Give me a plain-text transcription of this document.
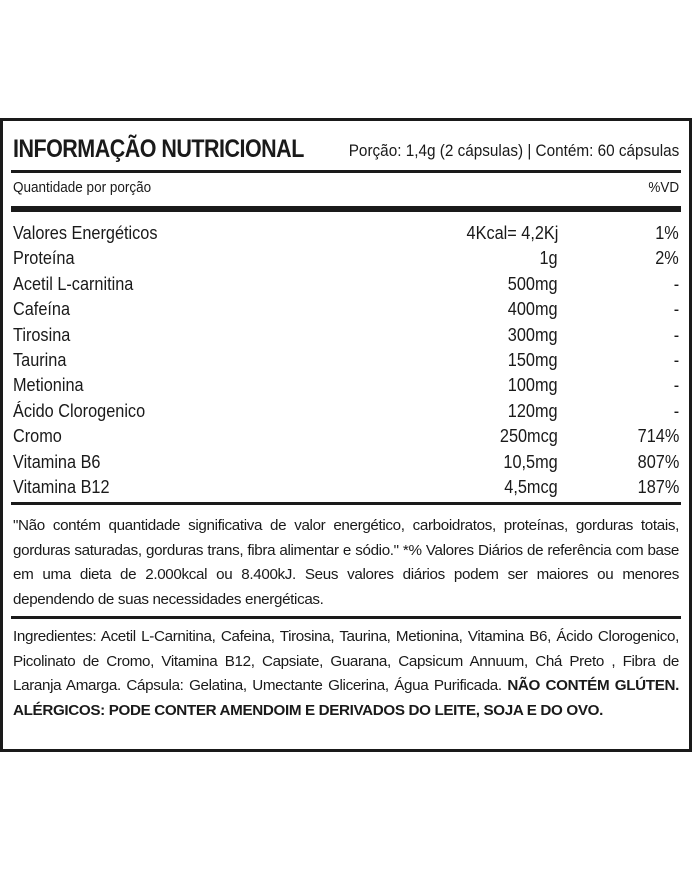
INFORMAÇÃO NUTRICIONAL	Porção: 1,4g (2 cápsulas) | Contém: 60 cápsulas
Quantidade por porção	%VD
Valores Energéticos	4Kcal= 4,2Kj	1%
Proteína	1g	2%
Acetil L-carnitina	500mg	-
Cafeína	400mg	-
Tirosina	300mg	-
Taurina	150mg	-
Metionina	100mg	-
Ácido Clorogenico	120mg	-
Cromo	250mcg	714%
Vitamina B6	10,5mg	807%
Vitamina B12	4,5mcg	187%
"Não contém quantidade significativa de valor energético, carboidratos, proteínas, gorduras totais, gorduras saturadas, gorduras trans, fibra alimentar e sódio." *% Valores Diários de referência com base em uma dieta de 2.000kcal ou 8.400kJ. Seus valores diários podem ser maiores ou menores dependendo de suas necessidades energéticas.
Ingredientes: Acetil L-Carnitina, Cafeina, Tirosina, Taurina, Metionina, Vitamina B6, Ácido Clorogenico, Picolinato de Cromo, Vitamina B12, Capsiate, Guarana, Capsicum Annuum, Chá Preto , Fibra de Laranja Amarga. Cápsula: Gelatina, Umectante Glicerina, Água Purificada. NÃO CONTÉM GLÚTEN. ALÉRGICOS: PODE CONTER AMENDOIM E DERIVADOS DO LEITE, SOJA E DO OVO.
